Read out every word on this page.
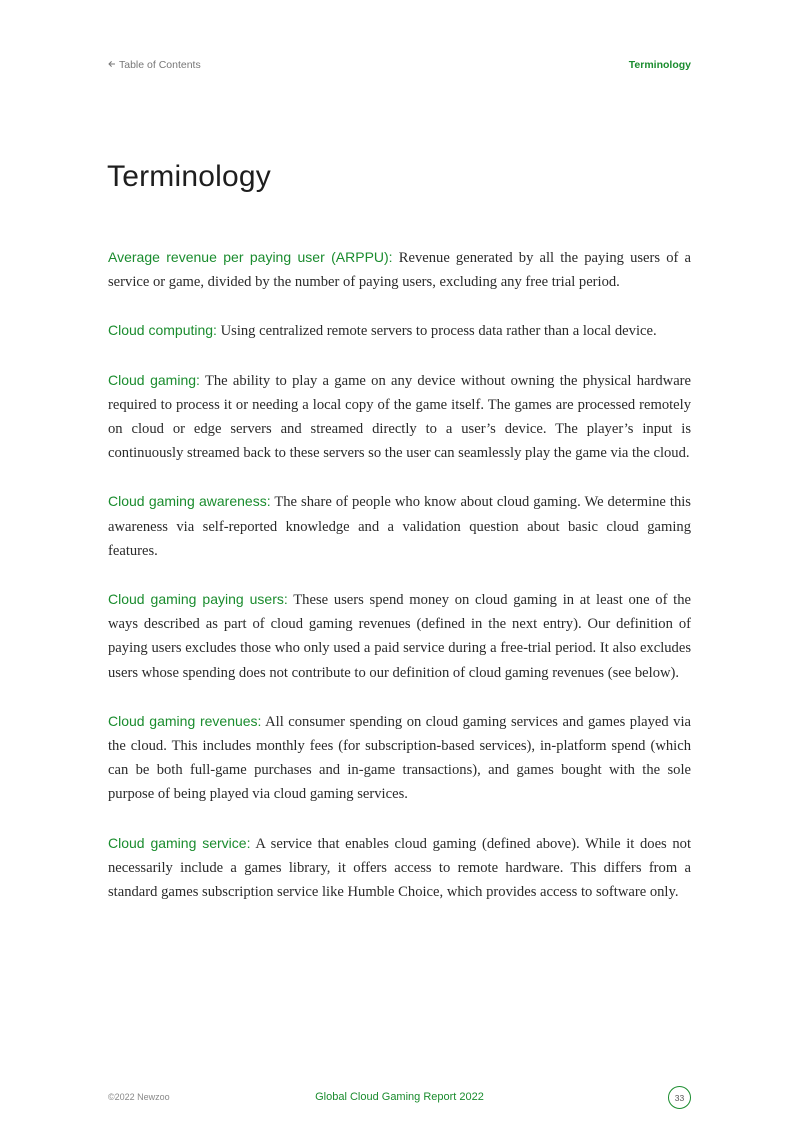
Table of Contents	Terminology
Terminology

Average revenue per paying user (ARPPU): Revenue generated by all the paying users of a service or game, divided by the number of paying users, excluding any free trial period.

Cloud computing: Using centralized remote servers to process data rather than a local device.

Cloud gaming: The ability to play a game on any device without owning the physical hardware required to process it or needing a local copy of the game itself. The games are processed remotely on cloud or edge servers and streamed directly to a user’s device. The player’s input is continuously streamed back to these servers so the user can seamlessly play the game via the cloud.

Cloud gaming awareness: The share of people who know about cloud gaming. We determine this awareness via self-reported knowledge and a validation question about basic cloud gaming features.

Cloud gaming paying users: These users spend money on cloud gaming in at least one of the ways described as part of cloud gaming revenues (defined in the next entry). Our definition of paying users excludes those who only used a paid service during a free-trial period. It also excludes users whose spending does not contribute to our definition of cloud gaming revenues (see below).

Cloud gaming revenues: All consumer spending on cloud gaming services and games played via the cloud. This includes monthly fees (for subscription-based services), in-platform spend (which can be both full-game purchases and in-game transactions), and games bought with the sole purpose of being played via cloud gaming services.

Cloud gaming service: A service that enables cloud gaming (defined above). While it does not necessarily include a games library, it offers access to remote hardware. This differs from a standard games subscription service like Humble Choice, which provides access to software only.

©2022 Newzoo	Global Cloud Gaming Report 2022	33
